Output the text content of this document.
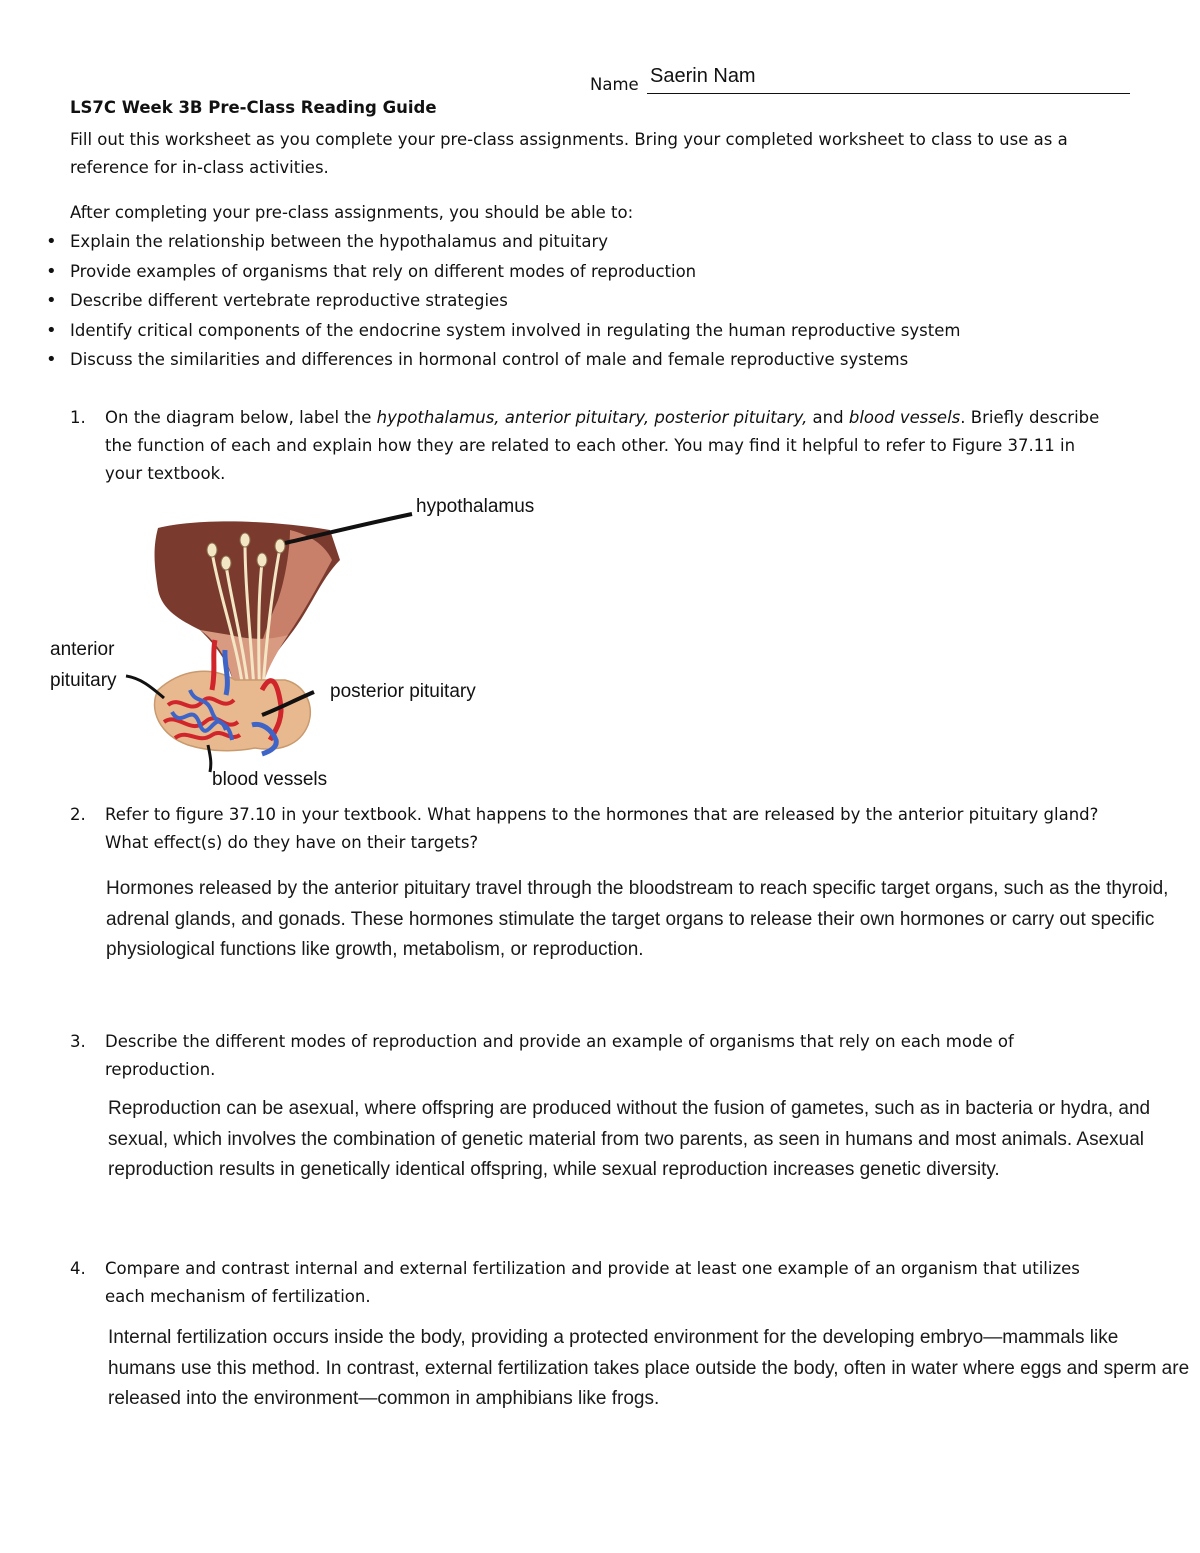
Name Saerin Nam
LS7C Week 3B Pre-Class Reading Guide
Fill out this worksheet as you complete your pre-class assignments. Bring your completed worksheet to class to use as a reference for in-class activities.
After completing your pre-class assignments, you should be able to:
• Explain the relationship between the hypothalamus and pituitary
• Provide examples of organisms that rely on different modes of reproduction
• Describe different vertebrate reproductive strategies
• Identify critical components of the endocrine system involved in regulating the human reproductive system
• Discuss the similarities and differences in hormonal control of male and female reproductive systems
1. On the diagram below, label the hypothalamus, anterior pituitary, posterior pituitary, and blood vessels. Briefly describe the function of each and explain how they are related to each other. You may find it helpful to refer to Figure 37.11 in your textbook.
hypothalamus
anterior
pituitary
posterior pituitary
blood vessels
2. Refer to figure 37.10 in your textbook. What happens to the hormones that are released by the anterior pituitary gland? What effect(s) do they have on their targets?
Hormones released by the anterior pituitary travel through the bloodstream to reach specific target organs, such as the thyroid, adrenal glands, and gonads. These hormones stimulate the target organs to release their own hormones or carry out specific physiological functions like growth, metabolism, or reproduction.
3. Describe the different modes of reproduction and provide an example of organisms that rely on each mode of reproduction.
Reproduction can be asexual, where offspring are produced without the fusion of gametes, such as in bacteria or hydra, and sexual, which involves the combination of genetic material from two parents, as seen in humans and most animals. Asexual reproduction results in genetically identical offspring, while sexual reproduction increases genetic diversity.
4. Compare and contrast internal and external fertilization and provide at least one example of an organism that utilizes each mechanism of fertilization.
Internal fertilization occurs inside the body, providing a protected environment for the developing embryo—mammals like humans use this method. In contrast, external fertilization takes place outside the body, often in water where eggs and sperm are released into the environment—common in amphibians like frogs.
